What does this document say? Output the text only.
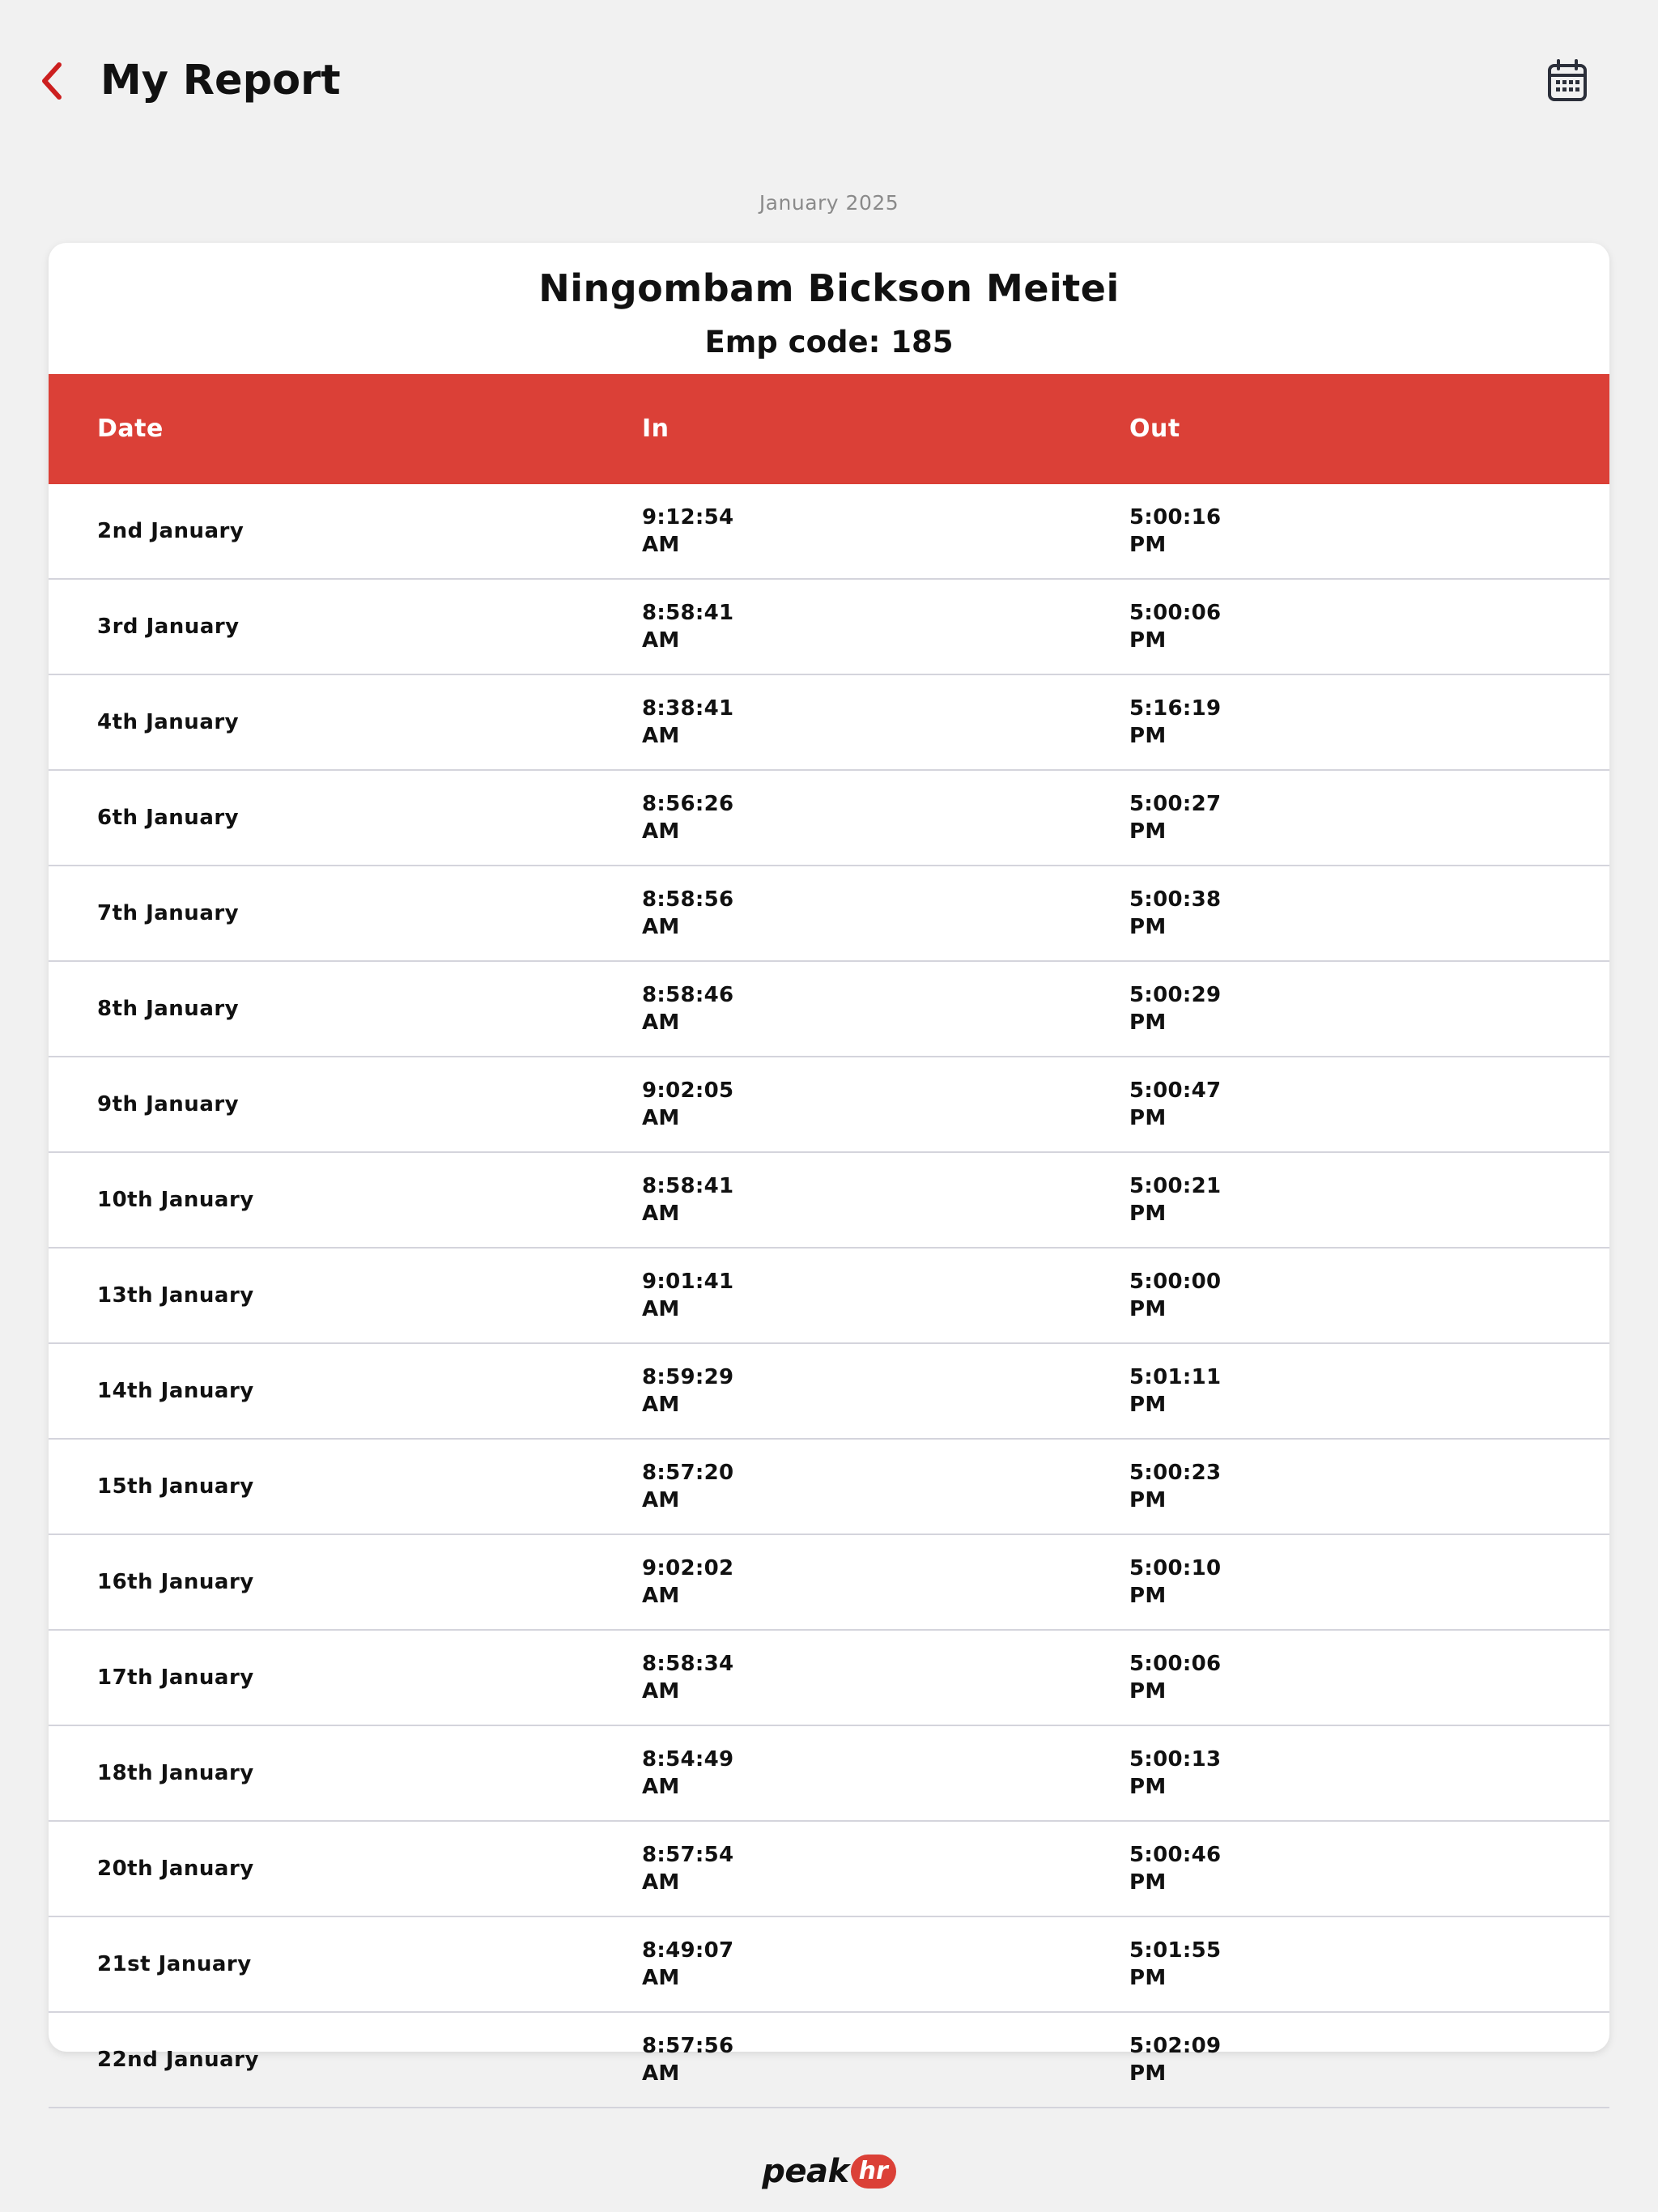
My Report
January 2025
Ningombam Bickson Meitei
Emp code: 185
Date	In	Out
2nd January
9:12:54
AM
5:00:16
PM
3rd January
8:58:41
AM
5:00:06
PM
4th January
8:38:41
AM
5:16:19
PM
6th January
8:56:26
AM
5:00:27
PM
7th January
8:58:56
AM
5:00:38
PM
8th January
8:58:46
AM
5:00:29
PM
9th January
9:02:05
AM
5:00:47
PM
10th January
8:58:41
AM
5:00:21
PM
13th January
9:01:41
AM
5:00:00
PM
14th January
8:59:29
AM
5:01:11
PM
15th January
8:57:20
AM
5:00:23
PM
16th January
9:02:02
AM
5:00:10
PM
17th January
8:58:34
AM
5:00:06
PM
18th January
8:54:49
AM
5:00:13
PM
20th January
8:57:54
AM
5:00:46
PM
21st January
8:49:07
AM
5:01:55
PM
22nd January
8:57:56
AM
5:02:09
PM
peak hr
